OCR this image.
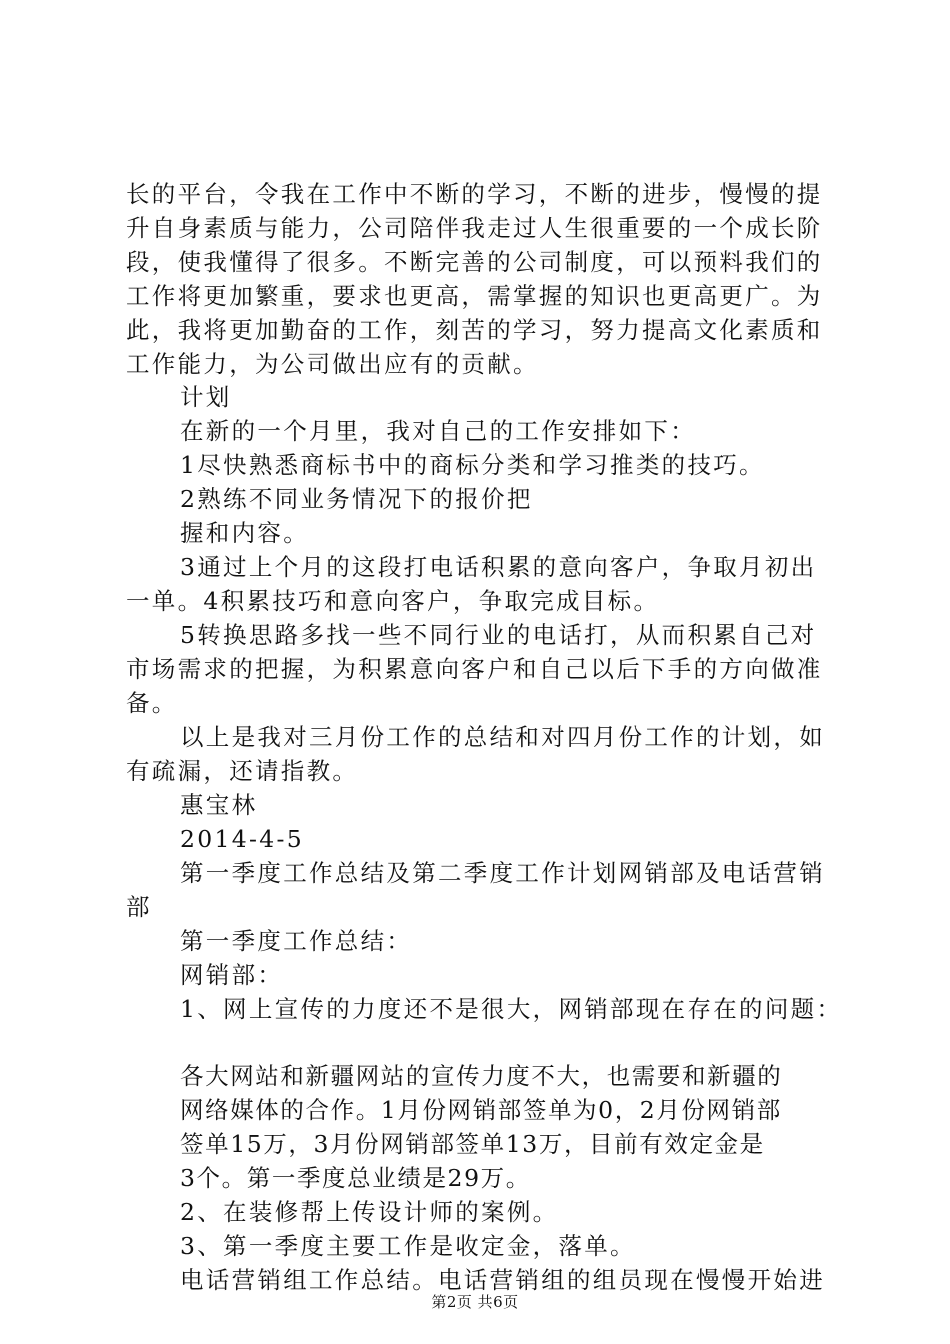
长的平台，令我在工作中不断的学习，不断的进步，慢慢的提
升自身素质与能力，公司陪伴我走过人生很重要的一个成长阶
段，使我懂得了很多。不断完善的公司制度，可以预料我们的
工作将更加繁重，要求也更高，需掌握的知识也更高更广。为
此，我将更加勤奋的工作，刻苦的学习，努力提高文化素质和
工作能力，为公司做出应有的贡献。
计划
在新的一个月里，我对自己的工作安排如下：
1尽快熟悉商标书中的商标分类和学习推类的技巧。
2熟练不同业务情况下的报价把
握和内容。
3通过上个月的这段打电话积累的意向客户，争取月初出
一单。4积累技巧和意向客户，争取完成目标。
5转换思路多找一些不同行业的电话打，从而积累自己对
市场需求的把握，为积累意向客户和自己以后下手的方向做准
备。
以上是我对三月份工作的总结和对四月份工作的计划，如
有疏漏，还请指教。
惠宝林
2014-4-5
第一季度工作总结及第二季度工作计划网销部及电话营销
部
第一季度工作总结：
网销部：
1、网上宣传的力度还不是很大，网销部现在存在的问题：
各大网站和新疆网站的宣传力度不大，也需要和新疆的
网络媒体的合作。1月份网销部签单为0，2月份网销部
签单15万，3月份网销部签单13万，目前有效定金是
3个。第一季度总业绩是29万。
2、在装修帮上传设计师的案例。
3、第一季度主要工作是收定金，落单。
电话营销组工作总结。电话营销组的组员现在慢慢开始进
第2页 共6页
